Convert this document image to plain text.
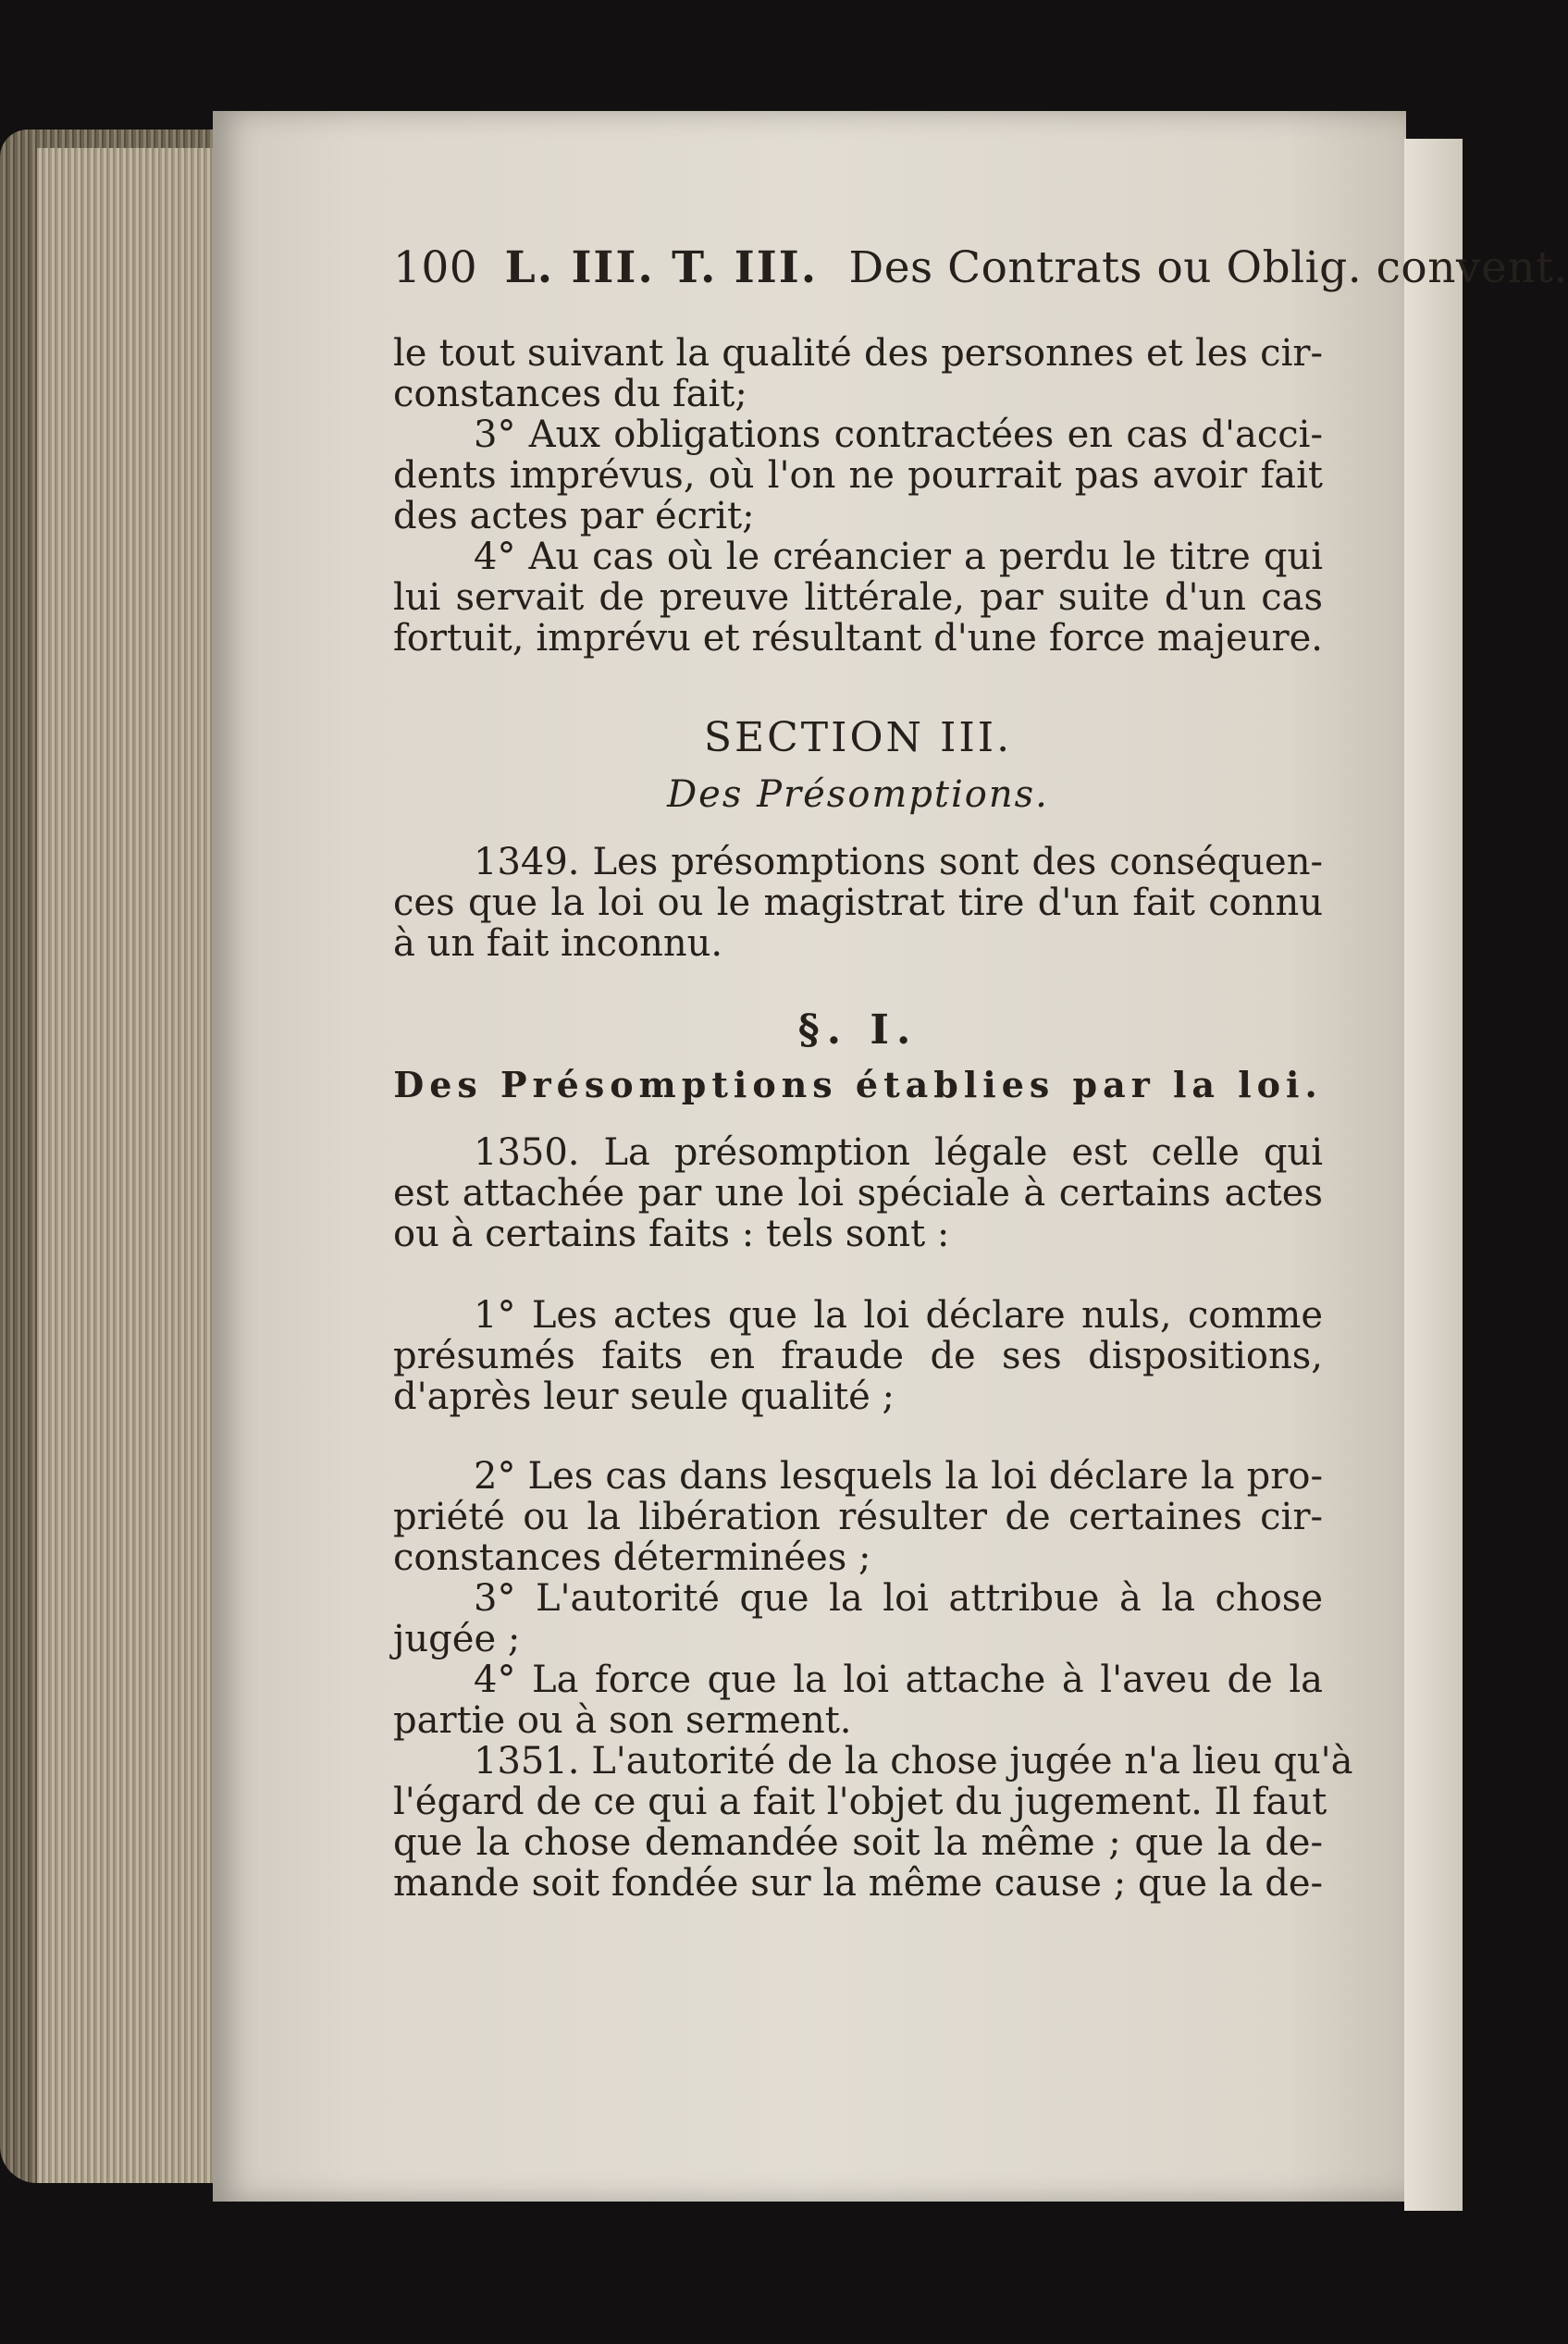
100 L. III. T. III. Des Contrats ou Oblig. convent.
le tout suivant la qualité des personnes et les cir-
constances du fait;
3° Aux obligations contractées en cas d'acci-
dents imprévus, où l'on ne pourrait pas avoir fait
des actes par écrit;
4° Au cas où le créancier a perdu le titre qui
lui servait de preuve littérale, par suite d'un cas
fortuit, imprévu et résultant d'une force majeure.
SECTION III.
Des Présomptions.
1349. Les présomptions sont des conséquen-
ces que la loi ou le magistrat tire d'un fait connu
à un fait inconnu.
§. I.
Des Présomptions établies par la loi.
1350. La présomption légale est celle qui
est attachée par une loi spéciale à certains actes
ou à certains faits : tels sont :
1° Les actes que la loi déclare nuls, comme
présumés faits en fraude de ses dispositions,
d'après leur seule qualité ;
2° Les cas dans lesquels la loi déclare la pro-
priété ou la libération résulter de certaines cir-
constances déterminées ;
3° L'autorité que la loi attribue à la chose
jugée ;
4° La force que la loi attache à l'aveu de la
partie ou à son serment.
1351. L'autorité de la chose jugée n'a lieu qu'à
l'égard de ce qui a fait l'objet du jugement. Il faut
que la chose demandée soit la même ; que la de-
mande soit fondée sur la même cause ; que la de-
